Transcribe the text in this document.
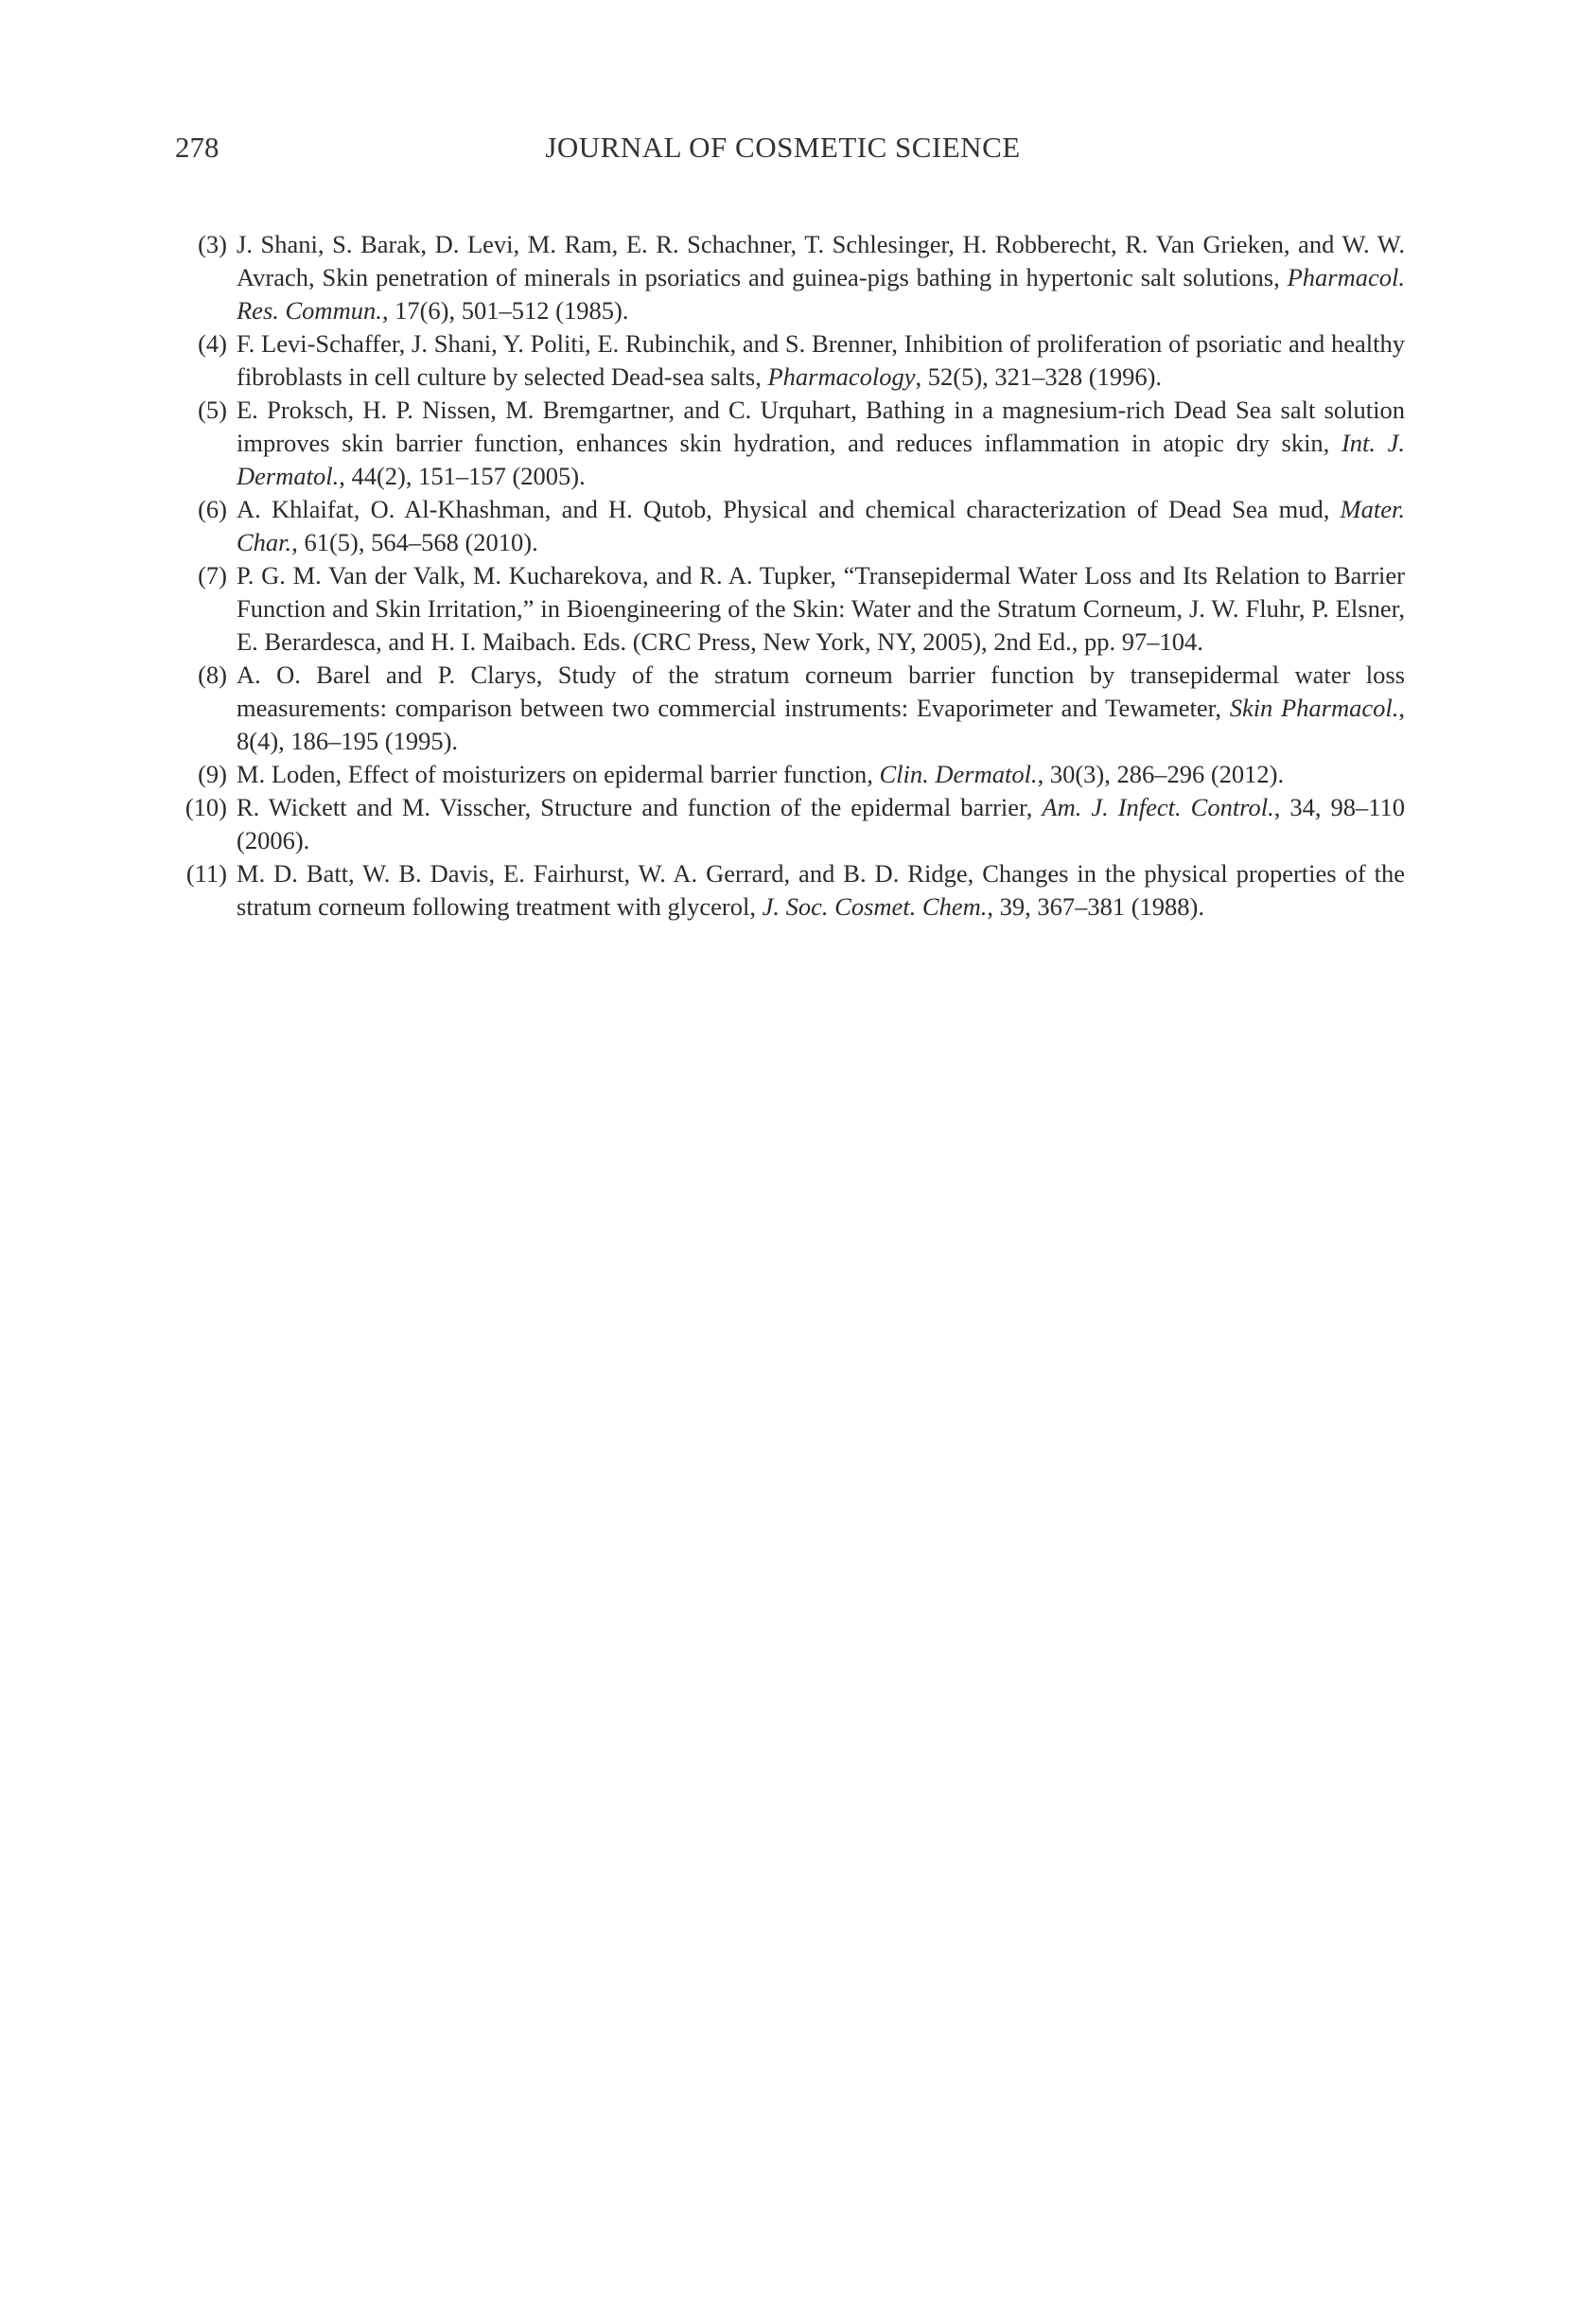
278	JOURNAL OF COSMETIC SCIENCE
(3) J. Shani, S. Barak, D. Levi, M. Ram, E. R. Schachner, T. Schlesinger, H. Robberecht, R. Van Grieken, and W. W. Avrach, Skin penetration of minerals in psoriatics and guinea-pigs bathing in hypertonic salt solutions, Pharmacol. Res. Commun., 17(6), 501–512 (1985).
(4) F. Levi-Schaffer, J. Shani, Y. Politi, E. Rubinchik, and S. Brenner, Inhibition of proliferation of psoriatic and healthy fibroblasts in cell culture by selected Dead-sea salts, Pharmacology, 52(5), 321–328 (1996).
(5) E. Proksch, H. P. Nissen, M. Bremgartner, and C. Urquhart, Bathing in a magnesium-rich Dead Sea salt solution improves skin barrier function, enhances skin hydration, and reduces inflammation in atopic dry skin, Int. J. Dermatol., 44(2), 151–157 (2005).
(6) A. Khlaifat, O. Al-Khashman, and H. Qutob, Physical and chemical characterization of Dead Sea mud, Mater. Char., 61(5), 564–568 (2010).
(7) P. G. M. Van der Valk, M. Kucharekova, and R. A. Tupker, “Transepidermal Water Loss and Its Relation to Barrier Function and Skin Irritation,” in Bioengineering of the Skin: Water and the Stratum Corneum, J. W. Fluhr, P. Elsner, E. Berardesca, and H. I. Maibach. Eds. (CRC Press, New York, NY, 2005), 2nd Ed., pp. 97–104.
(8) A. O. Barel and P. Clarys, Study of the stratum corneum barrier function by transepidermal water loss measurements: comparison between two commercial instruments: Evaporimeter and Tewameter, Skin Pharmacol., 8(4), 186–195 (1995).
(9) M. Loden, Effect of moisturizers on epidermal barrier function, Clin. Dermatol., 30(3), 286–296 (2012).
(10) R. Wickett and M. Visscher, Structure and function of the epidermal barrier, Am. J. Infect. Control., 34, 98–110 (2006).
(11) M. D. Batt, W. B. Davis, E. Fairhurst, W. A. Gerrard, and B. D. Ridge, Changes in the physical properties of the stratum corneum following treatment with glycerol, J. Soc. Cosmet. Chem., 39, 367–381 (1988).
